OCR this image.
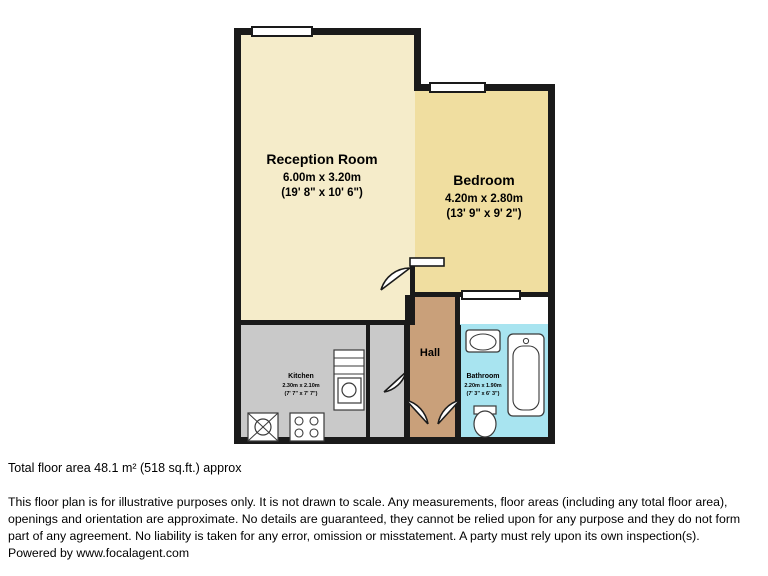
Reception Room
6.00m x 3.20m
(19' 8" x 10' 6")
Bedroom
4.20m x 2.80m
(13' 9" x 9' 2")
Kitchen
2.30m x 2.10m
(7' 7" x 7' 7")
Bathroom
2.20m x 1.90m
(7' 3" x 6' 3")
Hall

Total floor area 48.1 m² (518 sq.ft.) approx

This floor plan is for illustrative purposes only. It is not drawn to scale. Any measurements, floor areas (including any total floor area), openings and orientation are approximate. No details are guaranteed, they cannot be relied upon for any purpose and they do not form part of any agreement. No liability is taken for any error, omission or misstatement. A party must rely upon its own inspection(s).

Powered by www.focalagent.com
